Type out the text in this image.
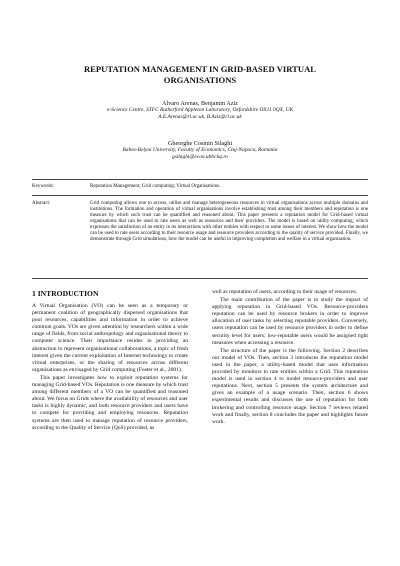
REPUTATION MANAGEMENT IN GRID-BASED VIRTUAL ORGANISATIONS
Alvaro Arenas, Benjamin Aziz
e-Science Centre, STFC Rutherford Appleton Laboratory, Oxfordshire OX11 0QX, UK
A.E.Arenas@rl.ac.uk, B.Aziz@rl.ac.uk
Gheorghe Cosmin Silaghi
Babes-Bolyai University, Faculty of Economics, Cluj-Napoca, Romania
gsilaghi@econ.ubbcluj.ro
Keywords:	Reputation Management; Grid computing; Virtual Organisations.
Abstract:	Grid computing allows one to access, utilise and manage heterogeneous resources in virtual organisations across multiple domains and institutions. The formation and operation of virtual organisations involve establishing trust among their members and reputation is one measure by which such trust can be quantified and reasoned about. This paper presents a reputation model for Grid-based virtual organisations that can be used to rate users as well as resources and their providers. The model is based on utility computing, which expresses the satisfaction of an entity in its interactions with other entities with respect to some issues of interest. We show how the model can be used to rate users according to their resource usage and resource providers according to the quality of service provided. Finally, we demonstrate through Grid simulations, how the model can be useful in improving completion and welfare in a virtual organisation.
1 INTRODUCTION

A Virtual Organisation (VO) can be seen as a temporary or permanent coalition of geographically dispersed organisations that pool resources, capabilities and information in order to achieve common goals. VOs are given attention by researchers within a wide range of fields, from social anthropology and organisational theory to computer science. Their importance resides in providing an abstraction to represent organisational collaborations, a topic of fresh interest given the current exploitation of Internet technology to create virtual enterprises, or the sharing of resources across different organisations as envisaged by Grid computing (Foster et al., 2001).

This paper investigates how to exploit reputation systems for managing Grid-based VOs. Reputation is one measure by which trust among different members of a VO can be quantified and reasoned about. We focus on Grids where the availability of resources and user tasks is highly dynamic, and both resource providers and users have to compete for providing and employing resources. Reputation systems are then used to manage reputation of resource providers, according to the Quality of Service (QoS) provided, as

well as reputation of users, according to their usage of resources.

The main contribution of the paper is to study the impact of applying reputation in Grid-based VOs. Resource-providers reputation can be used by resource brokers in order to improve allocation of user tasks by selecting reputable providers. Conversely, users reputation can be used by resource providers in order to define security level for users; low-reputable users would be assigned tight measures when accessing a resource.

The structure of the paper is the following. Section 2 describes our model of VOs. Then, section 3 introduces the reputation model used in the paper, a utility-based model that uses information provided by monitors to rate entities within a Grid. This reputation model is used in section 4 to model resource-providers and user reputations. Next, section 5 presents the system architecture and gives an example of a usage scenario. Then, section 6 shows experimental results and discusses the use of reputation for both brokering and controlling resource usage. Section 7 reviews related work and finally, section 8 concludes the paper and highlights future work.
